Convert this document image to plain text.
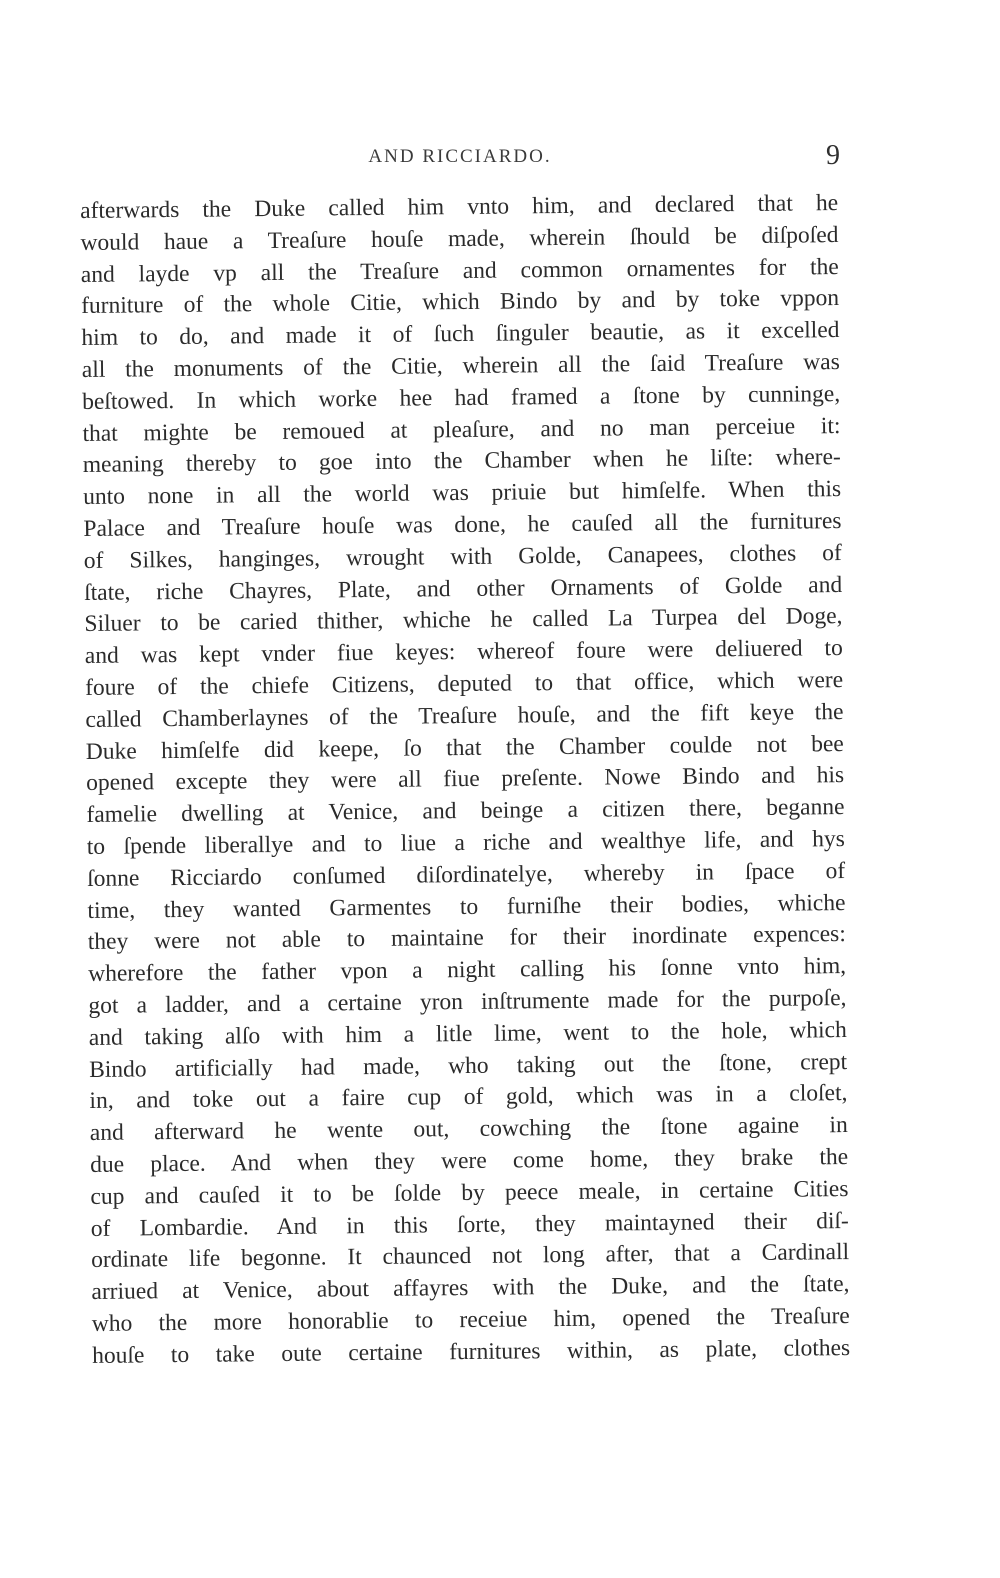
AND RICCIARDO.	9
afterwards the Duke called him vnto him, and declared that he
would haue a Treaſure houſe made, wherein ſhould be diſpoſed
and layde vp all the Treaſure and common ornamentes for the
furniture of the whole Citie, which Bindo by and by toke vppon
him to do, and made it of ſuch ſinguler beautie, as it excelled
all the monuments of the Citie, wherein all the ſaid Treaſure was
beſtowed. In which worke hee had framed a ſtone by cunninge,
that mighte be remoued at pleaſure, and no man perceiue it:
meaning thereby to goe into the Chamber when he liſte: where-
unto none in all the world was priuie but himſelfe. When this
Palace and Treaſure houſe was done, he cauſed all the furnitures
of Silkes, hanginges, wrought with Golde, Canapees, clothes of
ſtate, riche Chayres, Plate, and other Ornaments of Golde and
Siluer to be caried thither, whiche he called La Turpea del Doge,
and was kept vnder fiue keyes: whereof foure were deliuered to
foure of the chiefe Citizens, deputed to that office, which were
called Chamberlaynes of the Treaſure houſe, and the fift keye the
Duke himſelfe did keepe, ſo that the Chamber coulde not bee
opened excepte they were all fiue preſente. Nowe Bindo and his
famelie dwelling at Venice, and beinge a citizen there, beganne
to ſpende liberallye and to liue a riche and wealthye life, and hys
ſonne Ricciardo conſumed diſordinatelye, whereby in ſpace of
time, they wanted Garmentes to furniſhe their bodies, whiche
they were not able to maintaine for their inordinate expences:
wherefore the father vpon a night calling his ſonne vnto him,
got a ladder, and a certaine yron inſtrumente made for the purpoſe,
and taking alſo with him a litle lime, went to the hole, which
Bindo artificially had made, who taking out the ſtone, crept
in, and toke out a faire cup of gold, which was in a cloſet,
and afterward he wente out, cowching the ſtone againe in
due place. And when they were come home, they brake the
cup and cauſed it to be ſolde by peece meale, in certaine Cities
of Lombardie. And in this ſorte, they maintayned their diſ-
ordinate life begonne. It chaunced not long after, that a Cardinall
arriued at Venice, about affayres with the Duke, and the ſtate,
who the more honorablie to receiue him, opened the Treaſure
houſe to take oute certaine furnitures within, as plate, clothes
